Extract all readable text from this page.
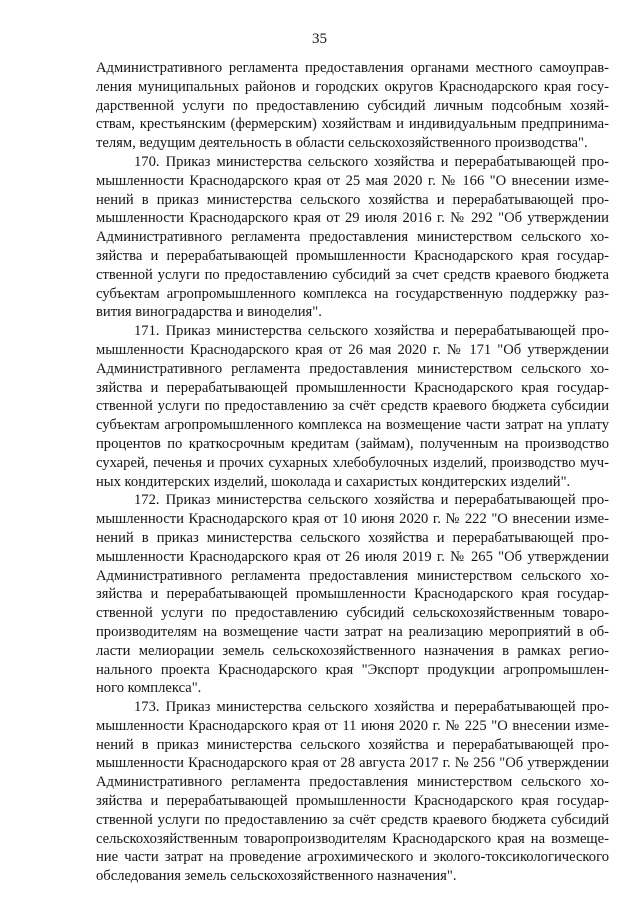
35
Административного регламента предоставления органами местного самоуправ-
ления муниципальных районов и городских округов Краснодарского края госу-
дарственной услуги по предоставлению субсидий личным подсобным хозяй-
ствам, крестьянским (фермерским) хозяйствам и индивидуальным предпринима-
телям, ведущим деятельность в области сельскохозяйственного производства".
170. Приказ министерства сельского хозяйства и перерабатывающей про-
мышленности Краснодарского края от 25 мая 2020 г. № 166 "О внесении изме-
нений в приказ министерства сельского хозяйства и перерабатывающей про-
мышленности Краснодарского края от 29 июля 2016 г. № 292 "Об утверждении
Административного регламента предоставления министерством сельского хо-
зяйства и перерабатывающей промышленности Краснодарского края государ-
ственной услуги по предоставлению субсидий за счет средств краевого бюджета
субъектам агропромышленного комплекса на государственную поддержку раз-
вития виноградарства и виноделия".
171. Приказ министерства сельского хозяйства и перерабатывающей про-
мышленности Краснодарского края от 26 мая 2020 г. № 171 "Об утверждении
Административного регламента предоставления министерством сельского хо-
зяйства и перерабатывающей промышленности Краснодарского края государ-
ственной услуги по предоставлению за счёт средств краевого бюджета субсидии
субъектам агропромышленного комплекса на возмещение части затрат на уплату
процентов по краткосрочным кредитам (займам), полученным на производство
сухарей, печенья и прочих сухарных хлебобулочных изделий, производство муч-
ных кондитерских изделий, шоколада и сахаристых кондитерских изделий".
172. Приказ министерства сельского хозяйства и перерабатывающей про-
мышленности Краснодарского края от 10 июня 2020 г. № 222 "О внесении изме-
нений в приказ министерства сельского хозяйства и перерабатывающей про-
мышленности Краснодарского края от 26 июля 2019 г. № 265 "Об утверждении
Административного регламента предоставления министерством сельского хо-
зяйства и перерабатывающей промышленности Краснодарского края государ-
ственной услуги по предоставлению субсидий сельскохозяйственным товаро-
производителям на возмещение части затрат на реализацию мероприятий в об-
ласти мелиорации земель сельскохозяйственного назначения в рамках регио-
нального проекта Краснодарского края "Экспорт продукции агропромышлен-
ного комплекса".
173. Приказ министерства сельского хозяйства и перерабатывающей про-
мышленности Краснодарского края от 11 июня 2020 г. № 225 "О внесении изме-
нений в приказ министерства сельского хозяйства и перерабатывающей про-
мышленности Краснодарского края от 28 августа 2017 г. № 256 "Об утверждении
Административного регламента предоставления министерством сельского хо-
зяйства и перерабатывающей промышленности Краснодарского края государ-
ственной услуги по предоставлению за счёт средств краевого бюджета субсидий
сельскохозяйственным товаропроизводителям Краснодарского края на возмеще-
ние части затрат на проведение агрохимического и эколого-токсикологического
обследования земель сельскохозяйственного назначения".
